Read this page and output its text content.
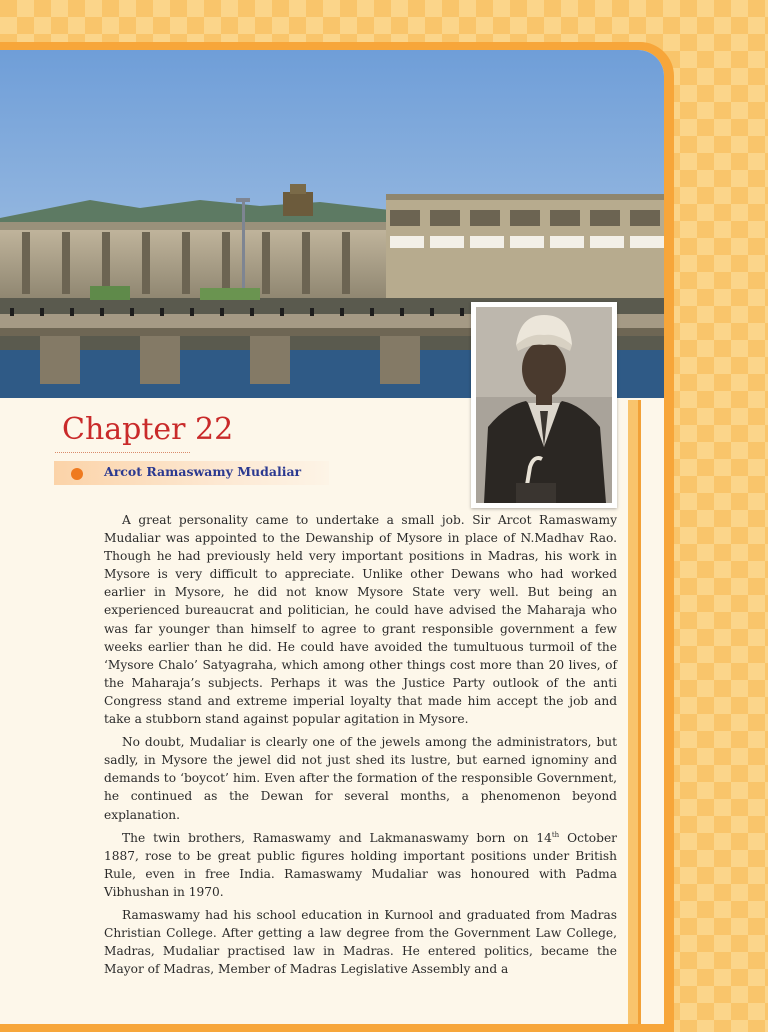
Chapter 22
Arcot Ramaswamy Mudaliar

A great personality came to undertake a small job. Sir Arcot Ramaswamy Mudaliar was appointed to the Dewanship of Mysore in place of N.Madhav Rao. Though he had previously held very important positions in Madras, his work in Mysore is very difficult to appreciate. Unlike other Dewans who had worked earlier in Mysore, he did not know Mysore State very well. But being an experienced bureaucrat and politician, he could have advised the Maharaja who was far younger than himself to agree to grant responsible government a few weeks earlier than he did. He could have avoided the tumultuous turmoil of the ‘Mysore Chalo’ Satyagraha, which among other things cost more than 20 lives, of the Maharaja’s subjects. Perhaps it was the Justice Party outlook of the anti Congress stand and extreme imperial loyalty that made him accept the job and take a stubborn stand against popular agitation in Mysore.

No doubt, Mudaliar is clearly one of the jewels among the administrators, but sadly, in Mysore the jewel did not just shed its lustre, but earned ignominy and demands to ‘boycot’ him. Even after the formation of the responsible Government, he continued as the Dewan for several months, a phenomenon beyond explanation.

The twin brothers, Ramaswamy and Lakmanaswamy born on 14th October 1887, rose to be great public figures holding important positions under British Rule, even in free India. Ramaswamy Mudaliar was honoured with Padma Vibhushan in 1970.

Ramaswamy had his school education in Kurnool and graduated from Madras Christian College. After getting a law degree from the Government Law College, Madras, Mudaliar practised law in Madras. He entered politics, became the Mayor of Madras, Member of Madras Legislative Assembly and a
